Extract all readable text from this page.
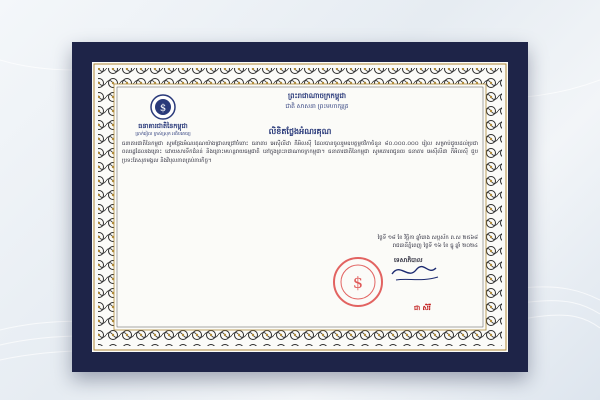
$
ធនាគារជាតិនៃកម្ពុជា
ប្រាក់រៀល ម្ចាស់ស្រុក អធិបតេយ្យ
ព្រះរាជាណាចក្រកម្ពុជា
ជាតិ សាសនា ព្រះមហាក្សត្រ
លិខិតថ្លែងអំណរគុណ
ធនាគារជាតិនៃកម្ពុជា សូមថ្លែងអំណរគុណយ៉ាងជ្រាលជ្រៅចំពោះ ធនាគារ អេស៊ីលីដា ភីអិលស៊ី ដែលបានចូលរួមឧបត្ថម្ភថវិកាចំនួន ៨០.០០០.០០០ រៀល សម្រាប់ជួយដល់ប្រជាពលរដ្ឋដែលរងគ្រោះ ដោយសារទឹកជំនន់ និងគ្រោះមហន្តរាយធម្មជាតិ នៅក្នុងព្រះរាជាណាចក្រកម្ពុជា។ ធនាគារជាតិនៃកម្ពុជា សូមគោរពជូនពរ ធនាគារ អេស៊ីលីដា ភីអិលស៊ី ជួបប្រទះតែសុភមង្គល និងវិបុលភាពគ្រប់ភារកិច្ច។
ថ្ងៃទី ១៨ ខែ វិច្ឆិកា ឆ្នាំរោង សប្តស័ក ព.ស ២៥៦៨
រាជធានីភ្នំពេញ ថ្ងៃទី ១៦ ខែ ធ្នូ ឆ្នាំ ២០២៤
ទេសាភិបាល
$
ជា សិរី
